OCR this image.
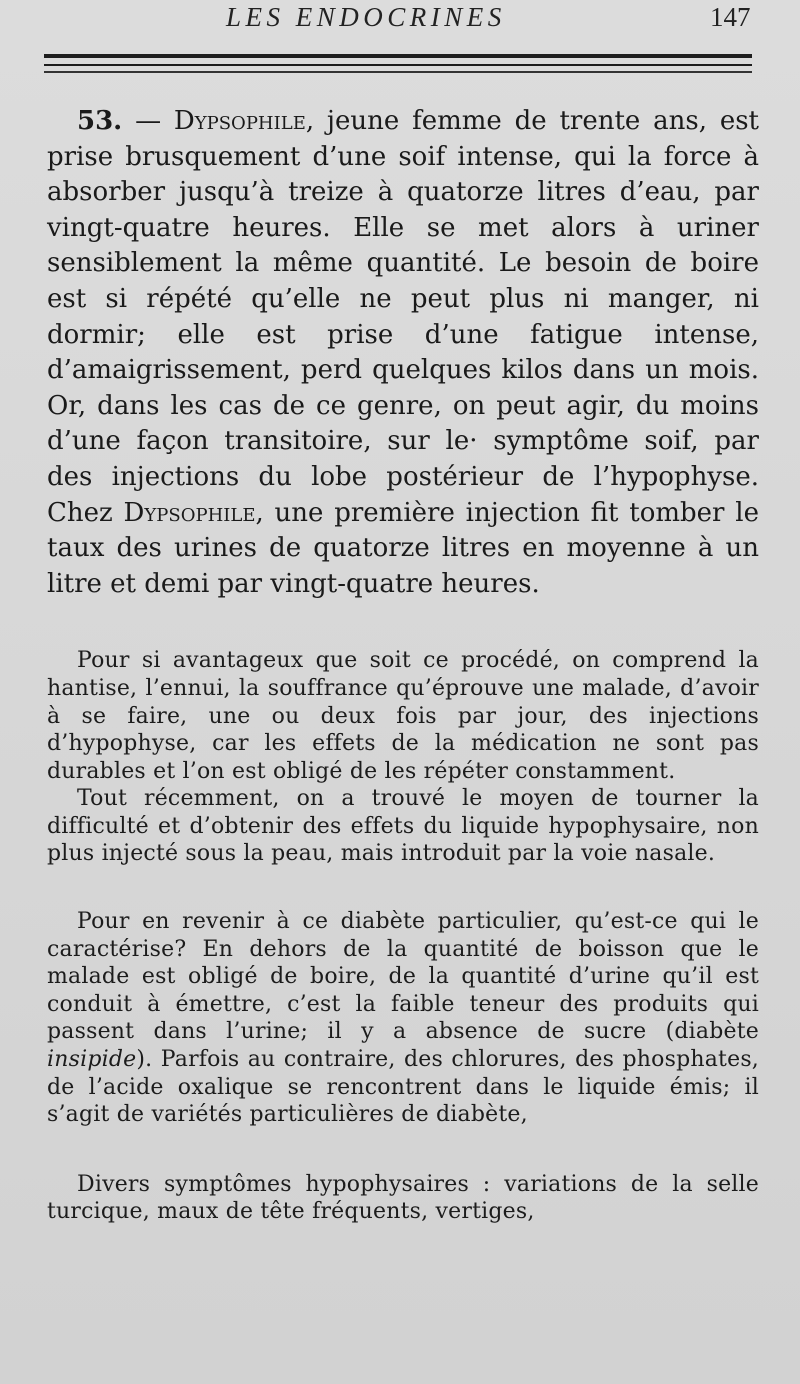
LES ENDOCRINES	147

53. — Dypsophile, jeune femme de trente ans, est prise brusquement d’une soif intense, qui la force à absorber jusqu’à treize à quatorze litres d’eau, par vingt-quatre heures. Elle se met alors à uriner sensiblement la même quantité. Le besoin de boire est si répété qu’elle ne peut plus ni manger, ni dormir; elle est prise d’une fatigue intense, d’amaigrissement, perd quelques kilos dans un mois. Or, dans les cas de ce genre, on peut agir, du moins d’une façon transitoire, sur le· symptôme soif, par des injections du lobe postérieur de l’hypophyse. Chez Dypsophile, une première injection fit tomber le taux des urines de quatorze litres en moyenne à un litre et demi par vingt-quatre heures.

Pour si avantageux que soit ce procédé, on comprend la hantise, l’ennui, la souffrance qu’éprouve une malade, d’avoir à se faire, une ou deux fois par jour, des injections d’hypophyse, car les effets de la médication ne sont pas durables et l’on est obligé de les répéter constamment.

Tout récemment, on a trouvé le moyen de tourner la difficulté et d’obtenir des effets du liquide hypophysaire, non plus injecté sous la peau, mais introduit par la voie nasale.

Pour en revenir à ce diabète particulier, qu’est-ce qui le caractérise? En dehors de la quantité de boisson que le malade est obligé de boire, de la quantité d’urine qu’il est conduit à émettre, c’est la faible teneur des produits qui passent dans l’urine; il y a absence de sucre (diabète insipide). Parfois au contraire, des chlorures, des phosphates, de l’acide oxalique se rencontrent dans le liquide émis; il s’agit de variétés particulières de diabète,

Divers symptômes hypophysaires : variations de la selle turcique, maux de tête fréquents, vertiges,
